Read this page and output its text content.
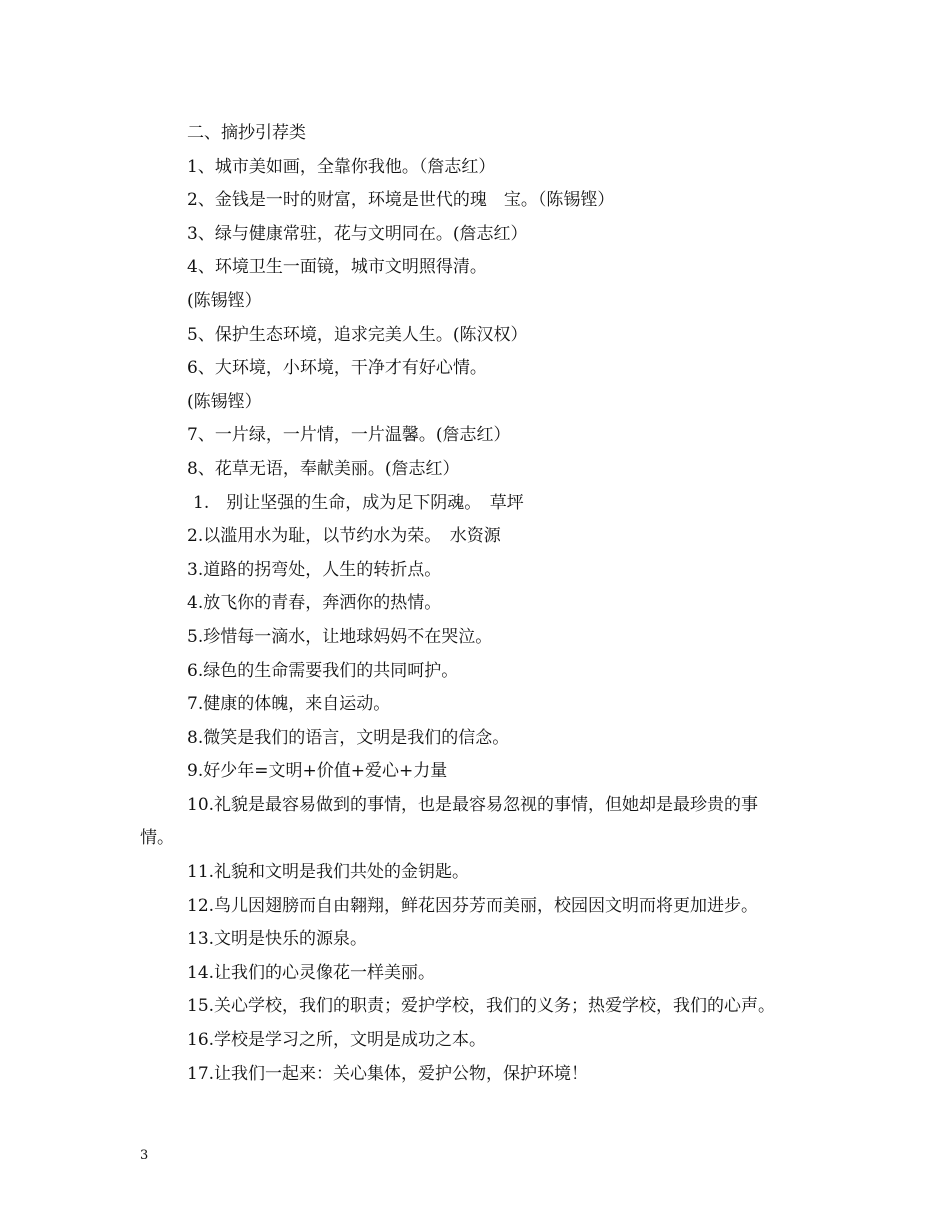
二、摘抄引荐类
1、城市美如画，全靠你我他。（詹志红）
2、金钱是一时的财富，环境是世代的瑰　宝。（陈锡铿）
3、绿与健康常驻，花与文明同在。(詹志红）
4、环境卫生一面镜，城市文明照得清。
(陈锡铿）
5、保护生态环境，追求完美人生。(陈汉权）
6、大环境，小环境，干净才有好心情。
(陈锡铿）
7、一片绿，一片情，一片温馨。(詹志红）
8、花草无语，奉献美丽。(詹志红）
1.　别让坚强的生命，成为足下阴魂。　草坪
2.以滥用水为耻，以节约水为荣。　水资源
3.道路的拐弯处，人生的转折点。
4.放飞你的青春，奔洒你的热情。
5.珍惜每一滴水，让地球妈妈不在哭泣。
6.绿色的生命需要我们的共同呵护。
7.健康的体魄，来自运动。
8.微笑是我们的语言，文明是我们的信念。
9.好少年=文明+价值+爱心+力量
10.礼貌是最容易做到的事情，也是最容易忽视的事情，但她却是最珍贵的事
情。
11.礼貌和文明是我们共处的金钥匙。
12.鸟儿因翅膀而自由翱翔，鲜花因芬芳而美丽，校园因文明而将更加进步。
13.文明是快乐的源泉。
14.让我们的心灵像花一样美丽。
15.关心学校，我们的职责；爱护学校，我们的义务；热爱学校，我们的心声。
16.学校是学习之所，文明是成功之本。
17.让我们一起来：关心集体，爱护公物，保护环境！
3
